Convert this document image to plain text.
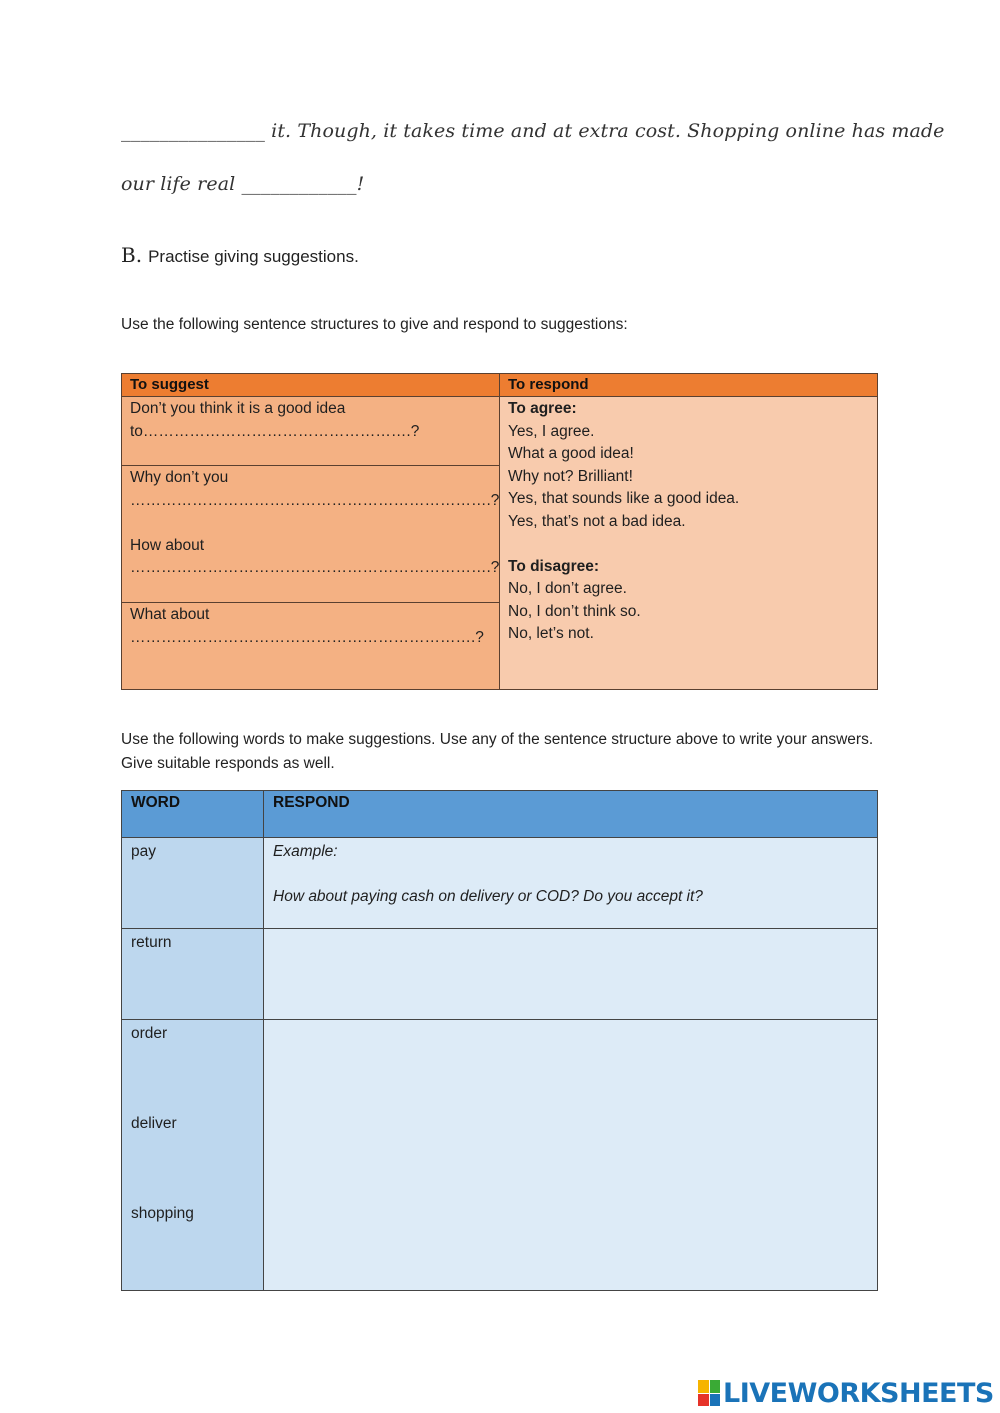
_______________ it. Though, it takes time and at extra cost. Shopping online has made
our life real ____________!
B. Practise giving suggestions.
Use the following sentence structures to give and respond to suggestions:
To suggest	To respond
Don’t you think it is a good idea
to…………………………………………….?
Why don’t you
…………………………………………………………….?
How about
…………………………………………………………….?
What about
………………………………………………………….?
To agree:
Yes, I agree.
What a good idea!
Why not? Brilliant!
Yes, that sounds like a good idea.
Yes, that’s not a bad idea.
To disagree:
No, I don’t agree.
No, I don’t think so.
No, let’s not.
Use the following words to make suggestions. Use any of the sentence structure above to write your answers. Give suitable responds as well.
WORD	RESPOND
pay	Example:
How about paying cash on delivery or COD? Do you accept it?
return
order
deliver
shopping
LIVEWORKSHEETS
